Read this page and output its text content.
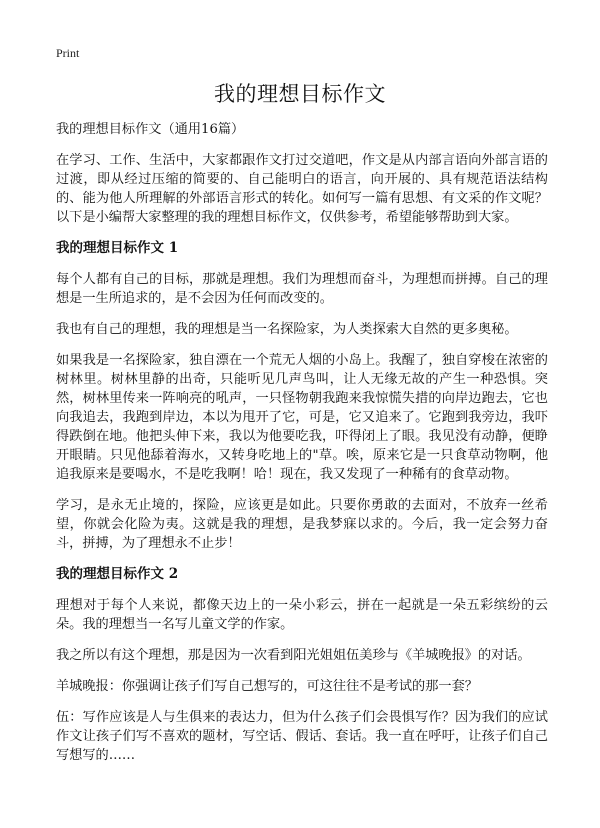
Print
我的理想目标作文

我的理想目标作文（通用16篇）

在学习、工作、生活中，大家都跟作文打过交道吧，作文是从内部言语向外部言语的过渡，即从经过压缩的简要的、自己能明白的语言，向开展的、具有规范语法结构的、能为他人所理解的外部语言形式的转化。如何写一篇有思想、有文采的作文呢？以下是小编帮大家整理的我的理想目标作文，仅供参考，希望能够帮助到大家。

我的理想目标作文 1

每个人都有自己的目标，那就是理想。我们为理想而奋斗，为理想而拼搏。自己的理想是一生所追求的，是不会因为任何而改变的。

我也有自己的理想，我的理想是当一名探险家，为人类探索大自然的更多奥秘。

如果我是一名探险家，独自漂在一个荒无人烟的小岛上。我醒了，独自穿梭在浓密的树林里。树林里静的出奇，只能听见几声鸟叫，让人无缘无故的产生一种恐惧。突然，树林里传来一阵响亮的吼声，一只怪物朝我跑来我惊慌失措的向岸边跑去，它也向我追去，我跑到岸边，本以为甩开了它，可是，它又追来了。它跑到我旁边，我吓得跌倒在地。他把头伸下来，我以为他要吃我，吓得闭上了眼。我见没有动静，便睁开眼睛。只见他舔着海水，又转身吃地上的"草。唉，原来它是一只食草动物啊，他追我原来是要喝水，不是吃我啊！哈！现在，我又发现了一种稀有的食草动物。

学习，是永无止境的，探险，应该更是如此。只要你勇敢的去面对，不放弃一丝希望，你就会化险为夷。这就是我的理想，是我梦寐以求的。今后，我一定会努力奋斗，拼搏，为了理想永不止步！

我的理想目标作文 2

理想对于每个人来说，都像天边上的一朵小彩云，拼在一起就是一朵五彩缤纷的云朵。我的理想当一名写儿童文学的作家。

我之所以有这个理想，那是因为一次看到阳光姐姐伍美珍与《羊城晚报》的对话。

羊城晚报：你强调让孩子们写自己想写的，可这往往不是考试的那一套？

伍：写作应该是人与生俱来的表达力，但为什么孩子们会畏惧写作？因为我们的应试作文让孩子们写不喜欢的题材，写空话、假话、套话。我一直在呼吁，让孩子们自己写想写的……
